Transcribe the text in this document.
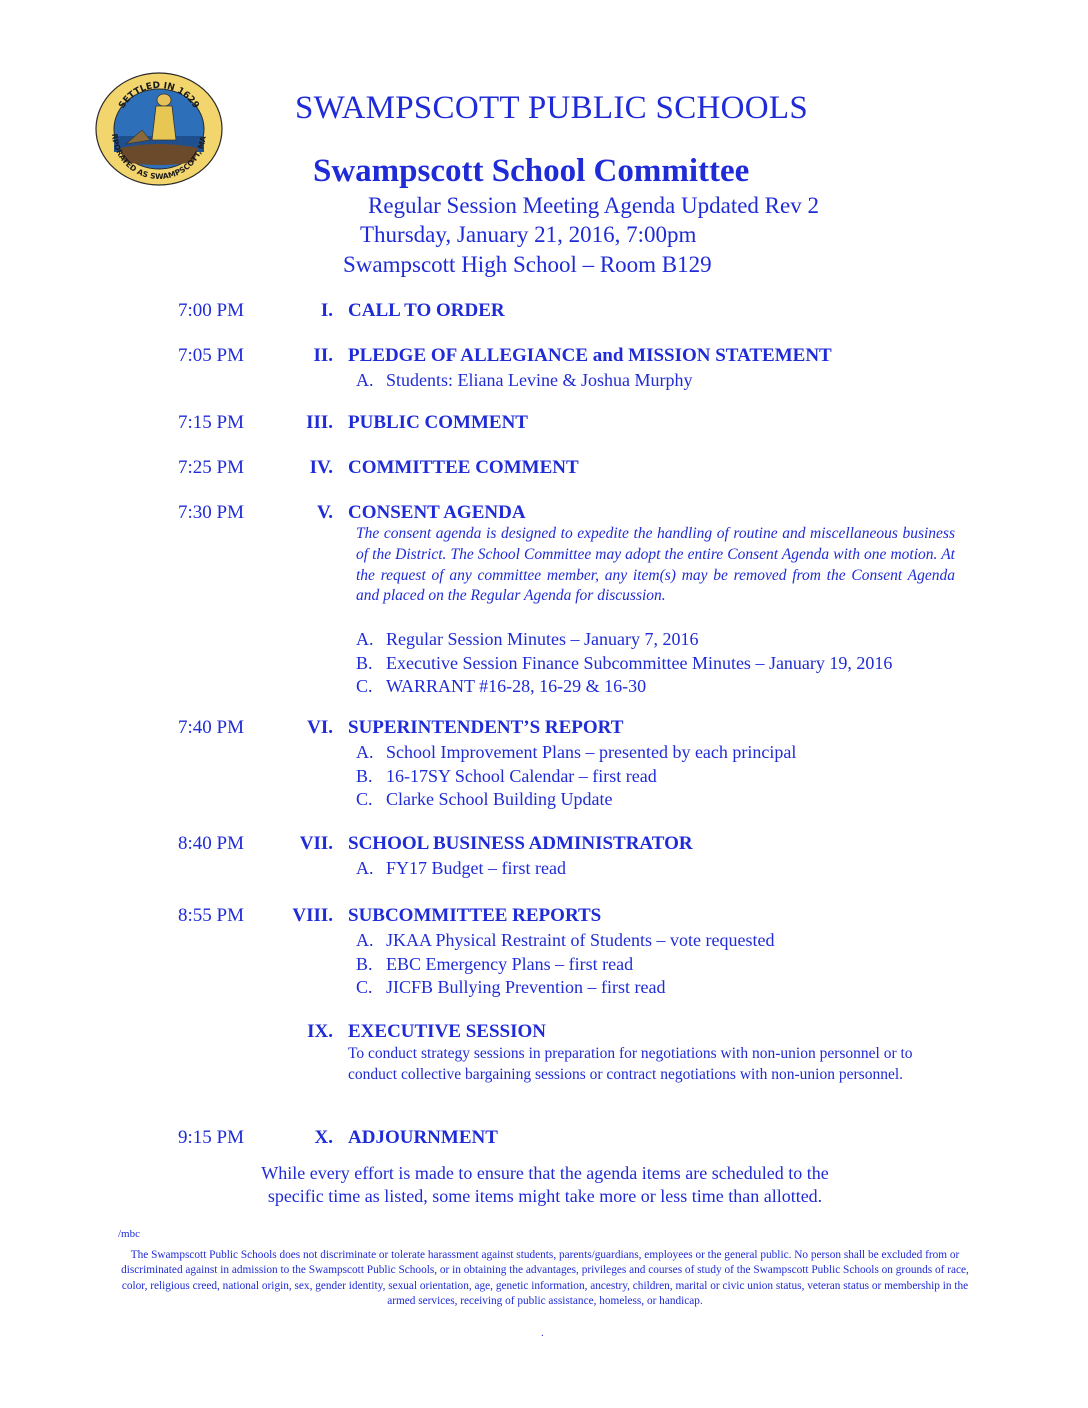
SETTLED IN 1629
RPORATED AS SWAMPSCOTT, MA
SWAMPSCOTT PUBLIC SCHOOLS
Swampscott School Committee
Regular Session Meeting Agenda Updated Rev 2
Thursday, January 21, 2016, 7:00pm
Swampscott High School – Room B129
7:00 PM	I. CALL TO ORDER
7:05 PM	II. PLEDGE OF ALLEGIANCE and MISSION STATEMENT
A. Students: Eliana Levine & Joshua Murphy
7:15 PM	III. PUBLIC COMMENT
7:25 PM	IV. COMMITTEE COMMENT
7:30 PM	V. CONSENT AGENDA
The consent agenda is designed to expedite the handling of routine and miscellaneous business of the District. The School Committee may adopt the entire Consent Agenda with one motion. At the request of any committee member, any item(s) may be removed from the Consent Agenda and placed on the Regular Agenda for discussion.
A. Regular Session Minutes – January 7, 2016
B. Executive Session Finance Subcommittee Minutes – January 19, 2016
C. WARRANT #16-28, 16-29 & 16-30
7:40 PM	VI. SUPERINTENDENT’S REPORT
A. School Improvement Plans – presented by each principal
B. 16-17SY School Calendar – first read
C. Clarke School Building Update
8:40 PM	VII. SCHOOL BUSINESS ADMINISTRATOR
A. FY17 Budget – first read
8:55 PM	VIII. SUBCOMMITTEE REPORTS
A. JKAA Physical Restraint of Students – vote requested
B. EBC Emergency Plans – first read
C. JICFB Bullying Prevention – first read
IX. EXECUTIVE SESSION
To conduct strategy sessions in preparation for negotiations with non-union personnel or to conduct collective bargaining sessions or contract negotiations with non-union personnel.
9:15 PM	X. ADJOURNMENT
While every effort is made to ensure that the agenda items are scheduled to the
specific time as listed, some items might take more or less time than allotted.
/mbc
The Swampscott Public Schools does not discriminate or tolerate harassment against students, parents/guardians, employees or the general public. No person shall be excluded from or discriminated against in admission to the Swampscott Public Schools, or in obtaining the advantages, privileges and courses of study of the Swampscott Public Schools on grounds of race, color, religious creed, national origin, sex, gender identity, sexual orientation, age, genetic information, ancestry, children, marital or civic union status, veteran status or membership in the armed services, receiving of public assistance, homeless, or handicap.
.
